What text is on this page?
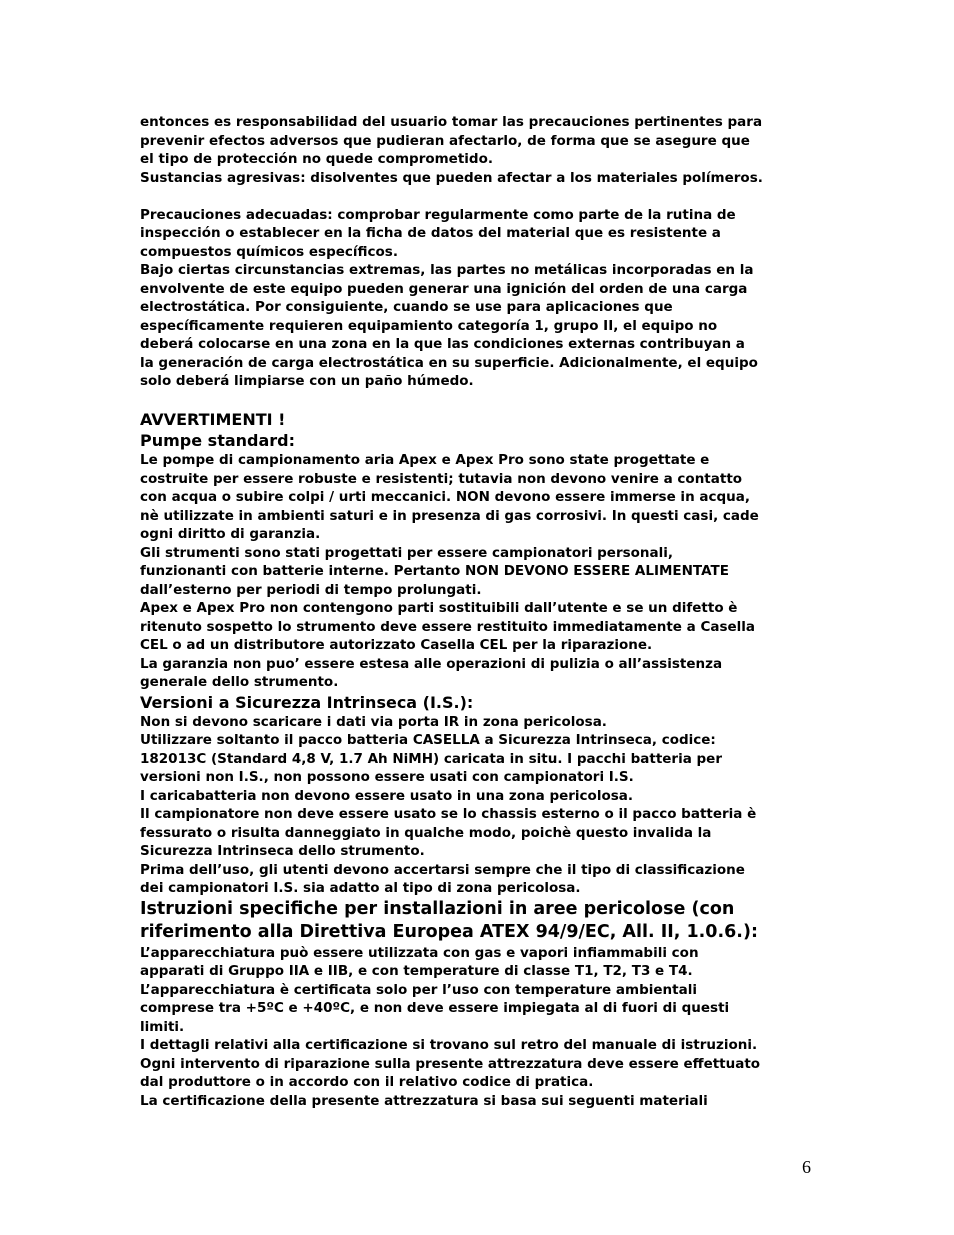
entonces es responsabilidad del usuario tomar las precauciones pertinentes para
prevenir efectos adversos que pudieran afectarlo, de forma que se asegure que
el tipo de protección no quede comprometido.
Sustancias agresivas: disolventes que pueden afectar a los materiales polímeros.
Precauciones adecuadas: comprobar regularmente como parte de la rutina de
inspección o establecer en la ficha de datos del material que es resistente a
compuestos químicos específicos.
Bajo ciertas circunstancias extremas, las partes no metálicas incorporadas en la
envolvente de este equipo pueden generar una ignición del orden de una carga
electrostática. Por consiguiente, cuando se use para aplicaciones que
específicamente requieren equipamiento categoría 1, grupo II, el equipo no
deberá colocarse en una zona en la que las condiciones externas contribuyan a
la generación de carga electrostática en su superficie. Adicionalmente, el equipo
solo deberá limpiarse con un paño húmedo.
AVVERTIMENTI !
Pumpe standard:
Le pompe di campionamento aria Apex e Apex Pro sono state progettate e
costruite per essere robuste e resistenti; tutavia non devono venire a contatto
con acqua o subire colpi / urti meccanici. NON devono essere immerse in acqua,
nè utilizzate in ambienti saturi e in presenza di gas corrosivi. In questi casi, cade
ogni diritto di garanzia.
Gli strumenti sono stati progettati per essere campionatori personali,
funzionanti con batterie interne. Pertanto NON DEVONO ESSERE ALIMENTATE
dall’esterno per periodi di tempo prolungati.
Apex e Apex Pro non contengono parti sostituibili dall’utente e se un difetto è
ritenuto sospetto lo strumento deve essere restituito immediatamente a Casella
CEL o ad un distributore autorizzato Casella CEL per la riparazione.
La garanzia non puo’ essere estesa alle operazioni di pulizia o all’assistenza
generale dello strumento.
Versioni a Sicurezza Intrinseca (I.S.):
Non si devono scaricare i dati via porta IR in zona pericolosa.
Utilizzare soltanto il pacco batteria CASELLA a Sicurezza Intrinseca, codice:
182013C (Standard 4,8 V, 1.7 Ah NiMH) caricata in situ. I pacchi batteria per
versioni non I.S., non possono essere usati con campionatori I.S.
I caricabatteria non devono essere usato in una zona pericolosa.
Il campionatore non deve essere usato se lo chassis esterno o il pacco batteria è
fessurato o risulta danneggiato in qualche modo, poichè questo invalida la
Sicurezza Intrinseca dello strumento.
Prima dell’uso, gli utenti devono accertarsi sempre che il tipo di classificazione
dei campionatori I.S. sia adatto al tipo di zona pericolosa.
Istruzioni specifiche per installazioni in aree pericolose (con
riferimento alla Direttiva Europea ATEX 94/9/EC, All. II, 1.0.6.):
L’apparecchiatura può essere utilizzata con gas e vapori infiammabili con
apparati di Gruppo IIA e IIB, e con temperature di classe T1, T2, T3 e T4.
L’apparecchiatura è certificata solo per l’uso con temperature ambientali
comprese tra +5ºC e +40ºC, e non deve essere impiegata al di fuori di questi
limiti.
I dettagli relativi alla certificazione si trovano sul retro del manuale di istruzioni.
Ogni intervento di riparazione sulla presente attrezzatura deve essere effettuato
dal produttore o in accordo con il relativo codice di pratica.
La certificazione della presente attrezzatura si basa sui seguenti materiali
6
